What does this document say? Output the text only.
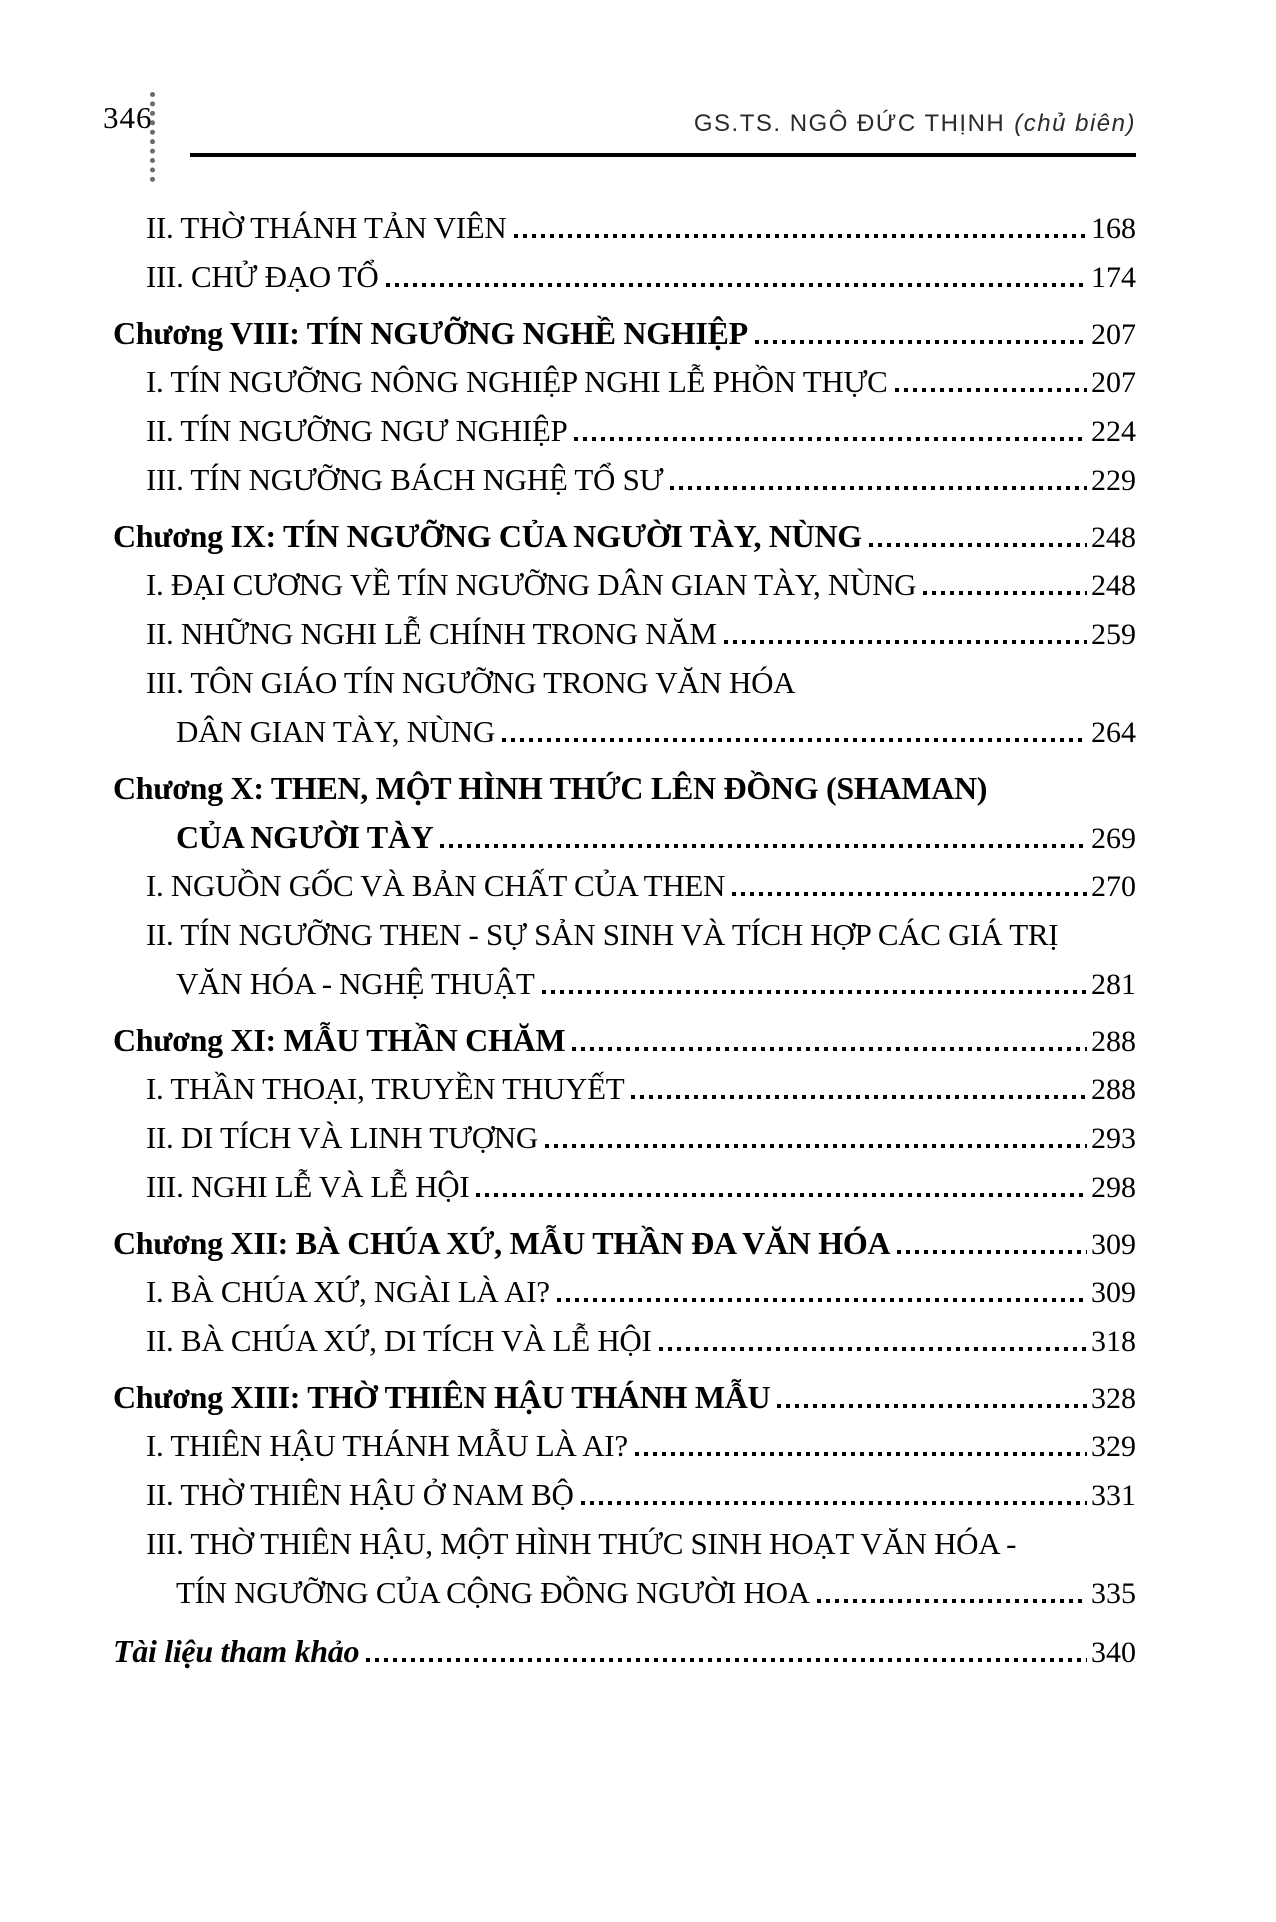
346	GS.TS. NGÔ ĐỨC THỊNH (chủ biên)
II. THỜ THÁNH TẢN VIÊN	168
III. CHỬ ĐẠO TỔ	174
Chương VIII: TÍN NGƯỠNG NGHỀ NGHIỆP	207
I. TÍN NGƯỠNG NÔNG NGHIỆP NGHI LỄ PHỒN THỰC	207
II. TÍN NGƯỠNG NGƯ NGHIỆP	224
III. TÍN NGƯỠNG BÁCH NGHỆ TỔ SƯ	229
Chương IX: TÍN NGƯỠNG CỦA NGƯỜI TÀY, NÙNG	248
I. ĐẠI CƯƠNG VỀ TÍN NGƯỠNG DÂN GIAN TÀY, NÙNG	248
II. NHỮNG NGHI LỄ CHÍNH TRONG NĂM	259
III. TÔN GIÁO TÍN NGƯỠNG TRONG VĂN HÓA
DÂN GIAN TÀY, NÙNG	264
Chương X: THEN, MỘT HÌNH THỨC LÊN ĐỒNG (SHAMAN)
CỦA NGƯỜI TÀY	269
I. NGUỒN GỐC VÀ BẢN CHẤT CỦA THEN	270
II. TÍN NGƯỠNG THEN - SỰ SẢN SINH VÀ TÍCH HỢP CÁC GIÁ TRỊ
VĂN HÓA - NGHỆ THUẬT	281
Chương XI: MẪU THẦN CHĂM	288
I. THẦN THOẠI, TRUYỀN THUYẾT	288
II. DI TÍCH VÀ LINH TƯỢNG	293
III. NGHI LỄ VÀ LỄ HỘI	298
Chương XII: BÀ CHÚA XỨ, MẪU THẦN ĐA VĂN HÓA	309
I. BÀ CHÚA XỨ, NGÀI LÀ AI?	309
II. BÀ CHÚA XỨ, DI TÍCH VÀ LỄ HỘI	318
Chương XIII: THỜ THIÊN HẬU THÁNH MẪU	328
I. THIÊN HẬU THÁNH MẪU LÀ AI?	329
II. THỜ THIÊN HẬU Ở NAM BỘ	331
III. THỜ THIÊN HẬU, MỘT HÌNH THỨC SINH HOẠT VĂN HÓA -
TÍN NGƯỠNG CỦA CỘNG ĐỒNG NGƯỜI HOA	335
Tài liệu tham khảo	340
